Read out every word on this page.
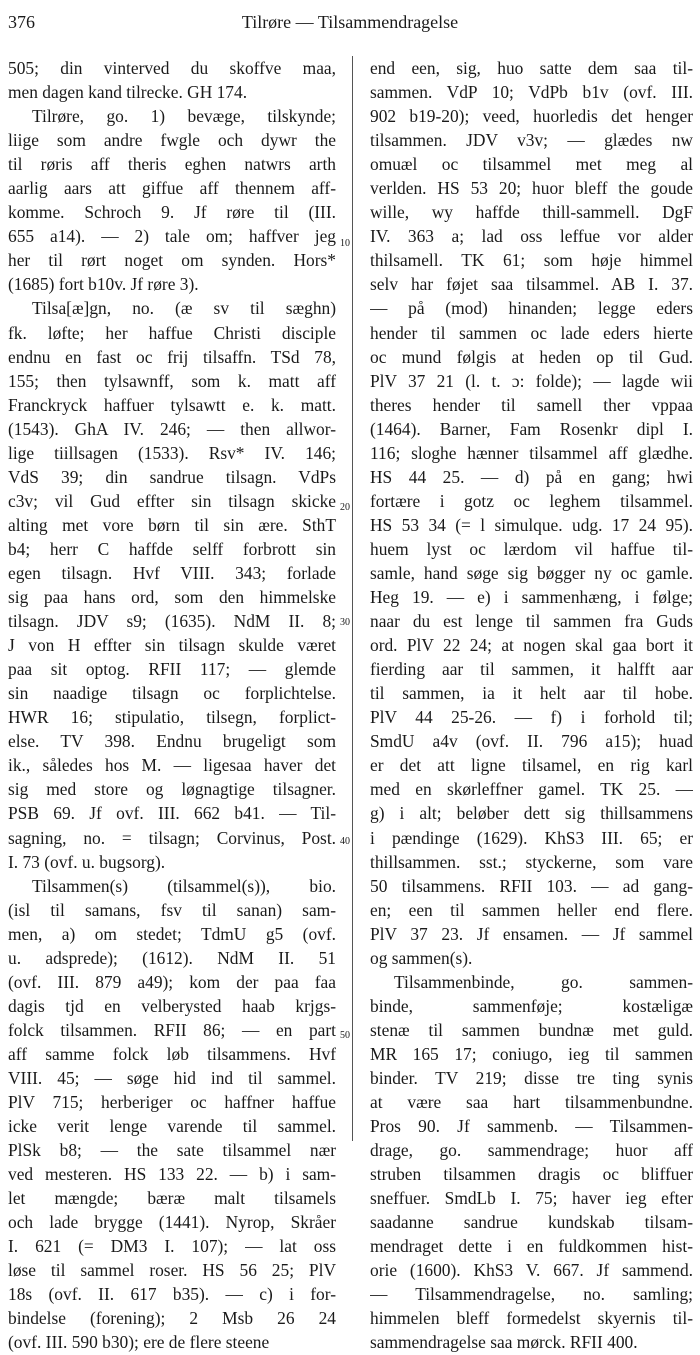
376	Tilrøre — Tilsammendragelse
505; din vinterved du skoffve maa,
men dagen kand tilrecke. GH 174.
Tilrøre, go. 1) bevæge, tilskynde;
liige som andre fwgle och dywr the
til røris aff theris eghen natwrs arth
aarlig aars att giffue aff thennem aff-
komme. Schroch 9. Jf røre til (III.
655 a14). — 2) tale om; haffver jeg
her til rørt noget om synden. Hors*
(1685) fort b10v. Jf røre 3).
Tilsa[æ]gn, no. (æ sv til sæghn)
fk. løfte; her haffue Christi disciple
endnu en fast oc frij tilsaffn. TSd 78,
155; then tylsawnff, som k. matt aff
Franckryck haffuer tylsawtt e. k. matt.
(1543). GhA IV. 246; — then allwor-
lige tiillsagen (1533). Rsv* IV. 146;
VdS 39; din sandrue tilsagn. VdPs
c3v; vil Gud effter sin tilsagn skicke
alting met vore børn til sin ære. SthT
b4; herr C haffde selff forbrott sin
egen tilsagn. Hvf VIII. 343; forlade
sig paa hans ord, som den himmelske
tilsagn. JDV s9; (1635). NdM II. 8;
J von H effter sin tilsagn skulde været
paa sit optog. RFII 117; — glemde
sin naadige tilsagn oc forplichtelse.
HWR 16; stipulatio, tilsegn, forplict-
else. TV 398. Endnu brugeligt som
ik., således hos M. — ligesaa haver det
sig med store og løgnagtige tilsagner.
PSB 69. Jf ovf. III. 662 b41. — Til-
sagning, no. = tilsagn; Corvinus, Post.
I. 73 (ovf. u. bugsorg).
Tilsammen(s) (tilsammel(s)), bio.
(isl til samans, fsv til sanan) sam-
men, a) om stedet; TdmU g5 (ovf.
u. adsprede); (1612). NdM II. 51
(ovf. III. 879 a49); kom der paa faa
dagis tjd en velberysted haab krjgs-
folck tilsammen. RFII 86; — en part
aff samme folck løb tilsammens. Hvf
VIII. 45; — søge hid ind til sammel.
PlV 715; herberiger oc haffner haffue
icke verit lenge varende til sammel.
PlSk b8; — the sate tilsammel nær
ved mesteren. HS 133 22. — b) i sam-
let mængde; bæræ malt tilsamels
och lade brygge (1441). Nyrop, Skråer
I. 621 (= DM3 I. 107); — lat oss
løse til sammel roser. HS 56 25; PlV
18s (ovf. II. 617 b35). — c) i for-
bindelse (forening); 2 Msb 26 24
(ovf. III. 590 b30); ere de flere steene
10
20
30
40
50
end een, sig, huo satte dem saa til-
sammen. VdP 10; VdPb b1v (ovf. III.
902 b19-20); veed, huorledis det henger
tilsammen. JDV v3v; — glædes nw
omuæl oc tilsammel met meg al
verlden. HS 53 20; huor bleff the goude
wille, wy haffde thill-sammell. DgF
IV. 363 a; lad oss leffue vor alder
thilsamell. TK 61; som høje himmel
selv har føjet saa tilsammel. AB I. 37.
— på (mod) hinanden; legge eders
hender til sammen oc lade eders hierte
oc mund følgis at heden op til Gud.
PlV 37 21 (l. t. ɔ: folde); — lagde wii
theres hender til samell ther vppaa
(1464). Barner, Fam Rosenkr dipl I.
116; sloghe hænner tilsammel aff glædhe.
HS 44 25. — d) på en gang; hwi
fortære i gotz oc leghem tilsammel.
HS 53 34 (= l simulque. udg. 17 24 95).
huem lyst oc lærdom vil haffue til-
samle, hand søge sig bøgger ny oc gamle.
Heg 19. — e) i sammenhæng, i følge;
naar du est lenge til sammen fra Guds
ord. PlV 22 24; at nogen skal gaa bort it
fierding aar til sammen, it halfft aar
til sammen, ia it helt aar til hobe.
PlV 44 25-26. — f) i forhold til;
SmdU a4v (ovf. II. 796 a15); huad
er det att ligne tilsamel, en rig karl
med en skørleffner gamel. TK 25. —
g) i alt; beløber dett sig thillsammens
i pændinge (1629). KhS3 III. 65; er
thillsammen. sst.; styckerne, som vare
50 tilsammens. RFII 103. — ad gang-
en; een til sammen heller end flere.
PlV 37 23. Jf ensamen. — Jf sammel
og sammen(s).
Tilsammenbinde, go. sammen-
binde, sammenføje; kostæligæ
stenæ til sammen bundnæ met guld.
MR 165 17; coniugo, ieg til sammen
binder. TV 219; disse tre ting synis
at være saa hart tilsammenbundne.
Pros 90. Jf sammenb. — Tilsammen-
drage, go. sammendrage; huor aff
struben tilsammen dragis oc bliffuer
sneffuer. SmdLb I. 75; haver ieg efter
saadanne sandrue kundskab tilsam-
mendraget dette i en fuldkommen hist-
orie (1600). KhS3 V. 667. Jf sammend.
— Tilsammendragelse, no. samling;
himmelen bleff formedelst skyernis til-
sammendragelse saa mørck. RFII 400.
